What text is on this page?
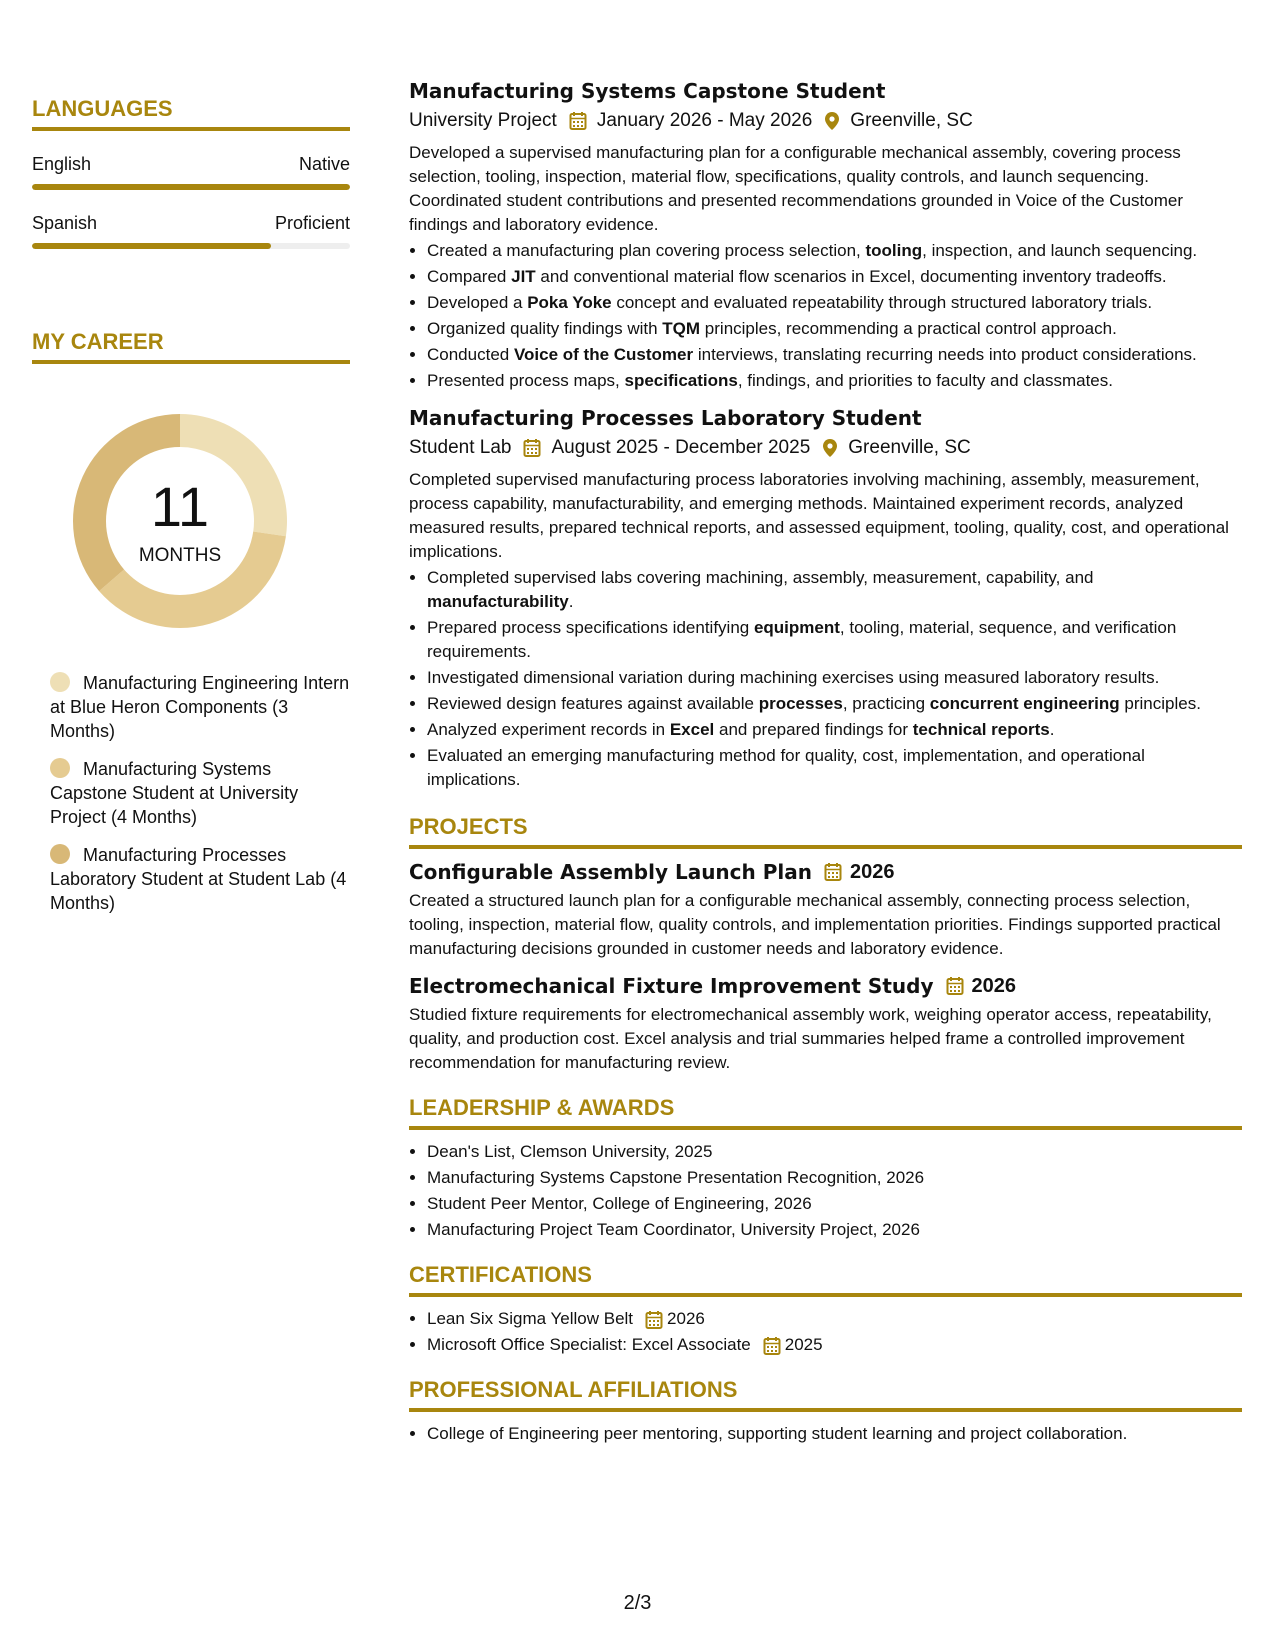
LANGUAGES
English	Native
Spanish	Proficient
MY CAREER
11
MONTHS
Manufacturing Engineering Intern at Blue Heron Components (3 Months)
Manufacturing Systems Capstone Student at University Project (4 Months)
Manufacturing Processes Laboratory Student at Student Lab (4 Months)
Manufacturing Systems Capstone Student
University Project January 2026 - May 2026 Greenville, SC

Developed a supervised manufacturing plan for a configurable mechanical assembly, covering process selection, tooling, inspection, material flow, specifications, quality controls, and launch sequencing. Coordinated student contributions and presented recommendations grounded in Voice of the Customer findings and laboratory evidence.

• Created a manufacturing plan covering process selection, tooling, inspection, and launch sequencing.
• Compared JIT and conventional material flow scenarios in Excel, documenting inventory tradeoffs.
• Developed a Poka Yoke concept and evaluated repeatability through structured laboratory trials.
• Organized quality findings with TQM principles, recommending a practical control approach.
• Conducted Voice of the Customer interviews, translating recurring needs into product considerations.
• Presented process maps, specifications, findings, and priorities to faculty and classmates.
Manufacturing Processes Laboratory Student
Student Lab August 2025 - December 2025 Greenville, SC

Completed supervised manufacturing process laboratories involving machining, assembly, measurement, process capability, manufacturability, and emerging methods. Maintained experiment records, analyzed measured results, prepared technical reports, and assessed equipment, tooling, quality, cost, and operational implications.

• Completed supervised labs covering machining, assembly, measurement, capability, and manufacturability.
• Prepared process specifications identifying equipment, tooling, material, sequence, and verification requirements.
• Investigated dimensional variation during machining exercises using measured laboratory results.
• Reviewed design features against available processes, practicing concurrent engineering principles.
• Analyzed experiment records in Excel and prepared findings for technical reports.
• Evaluated an emerging manufacturing method for quality, cost, implementation, and operational implications.
PROJECTS
Configurable Assembly Launch Plan 2026

Created a structured launch plan for a configurable mechanical assembly, connecting process selection, tooling, inspection, material flow, quality controls, and implementation priorities. Findings supported practical manufacturing decisions grounded in customer needs and laboratory evidence.

Electromechanical Fixture Improvement Study 2026

Studied fixture requirements for electromechanical assembly work, weighing operator access, repeatability, quality, and production cost. Excel analysis and trial summaries helped frame a controlled improvement recommendation for manufacturing review.

LEADERSHIP & AWARDS
• Dean's List, Clemson University, 2025
• Manufacturing Systems Capstone Presentation Recognition, 2026
• Student Peer Mentor, College of Engineering, 2026
• Manufacturing Project Team Coordinator, University Project, 2026
CERTIFICATIONS
• Lean Six Sigma Yellow Belt 2026
• Microsoft Office Specialist: Excel Associate 2025
PROFESSIONAL AFFILIATIONS
• College of Engineering peer mentoring, supporting student learning and project collaboration.
2/3
